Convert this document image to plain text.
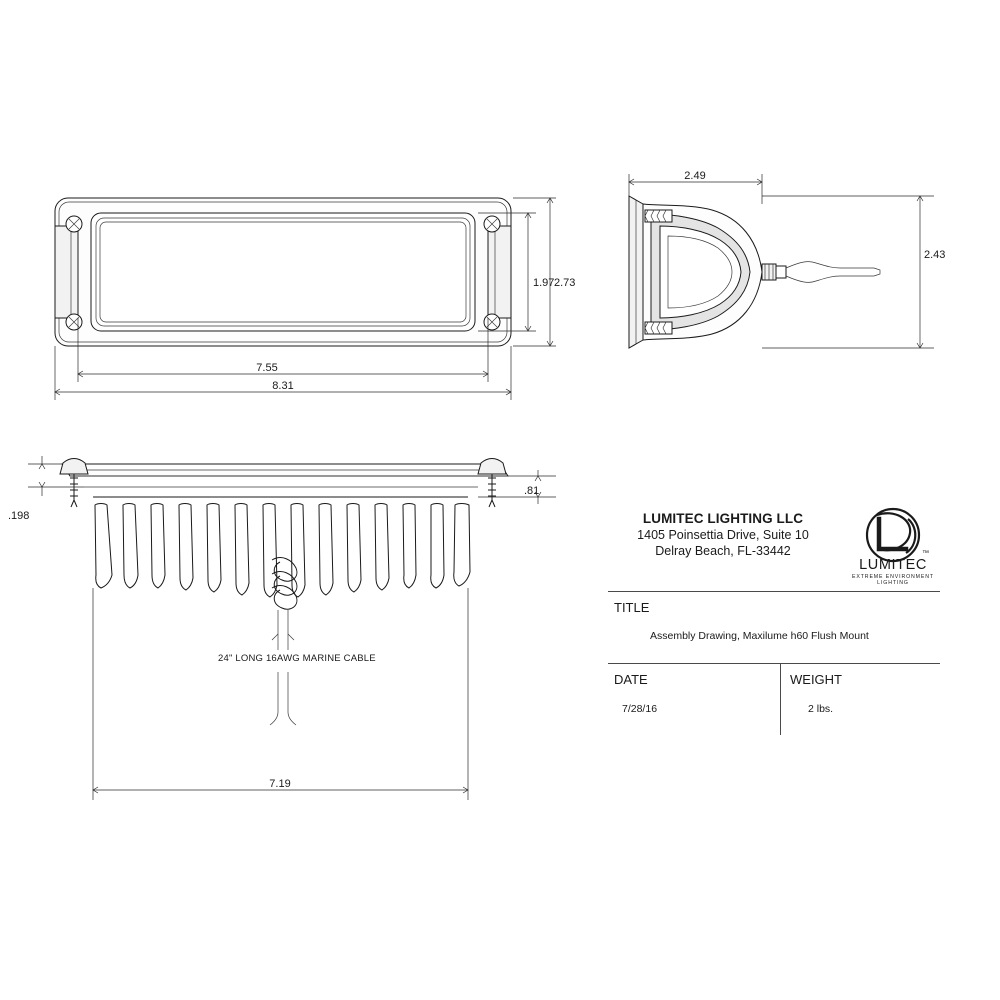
1.97 2.73
7.55
8.31
2.49
2.43
.198
.81
7.19
24" LONG 16AWG MARINE CABLE
LUMITEC LIGHTING LLC
1405 Poinsettia Drive, Suite 10
Delray Beach, FL-33442	™
LUMITEC
EXTREME ENVIRONMENT LIGHTING
TITLE
Assembly Drawing, Maxilume h60 Flush Mount
DATE
7/28/16
WEIGHT
2 lbs.
